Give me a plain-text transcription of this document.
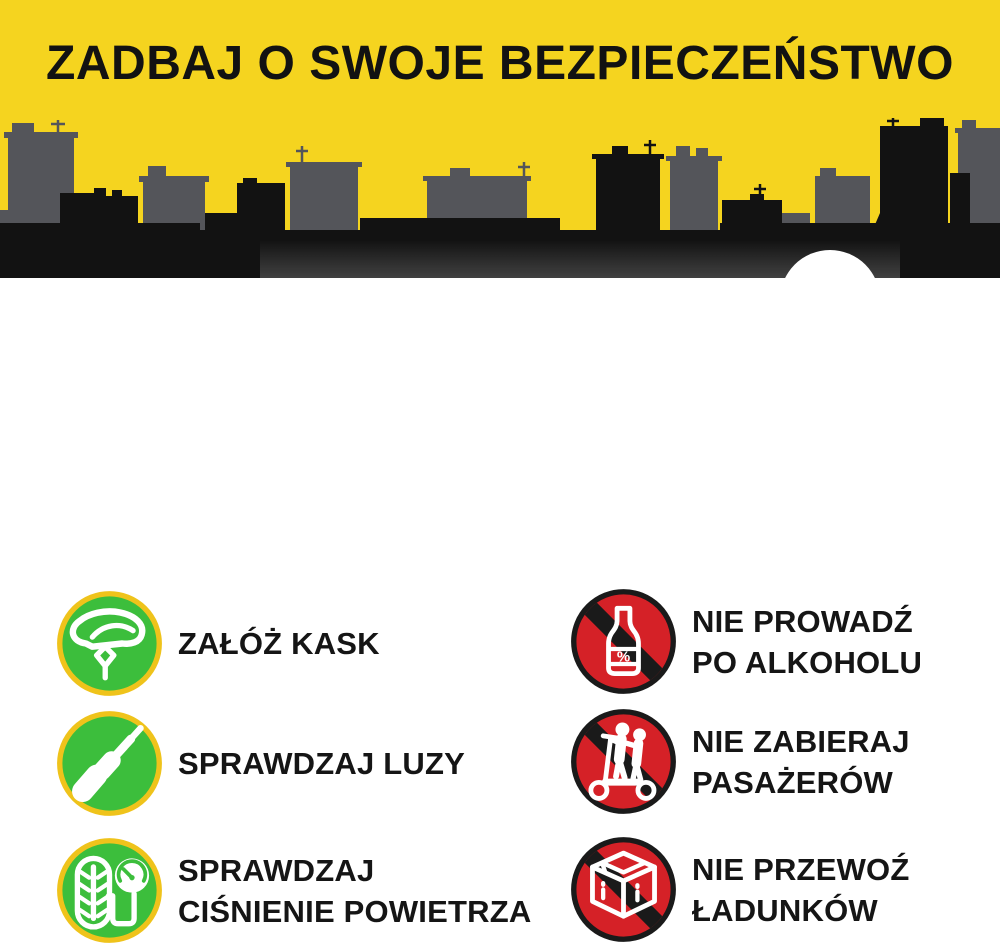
ZADBAJ O SWOJE BEZPIECZEŃSTWO
ZAŁÓŻ KASK
SPRAWDZAJ LUZY
SPRAWDZAJ
CIŚNIENIE POWIETRZA
%
NIE PROWADŹ
PO ALKOHOLU
NIE ZABIERAJ
PASAŻERÓW
NIE PRZEWOŹ
ŁADUNKÓW
